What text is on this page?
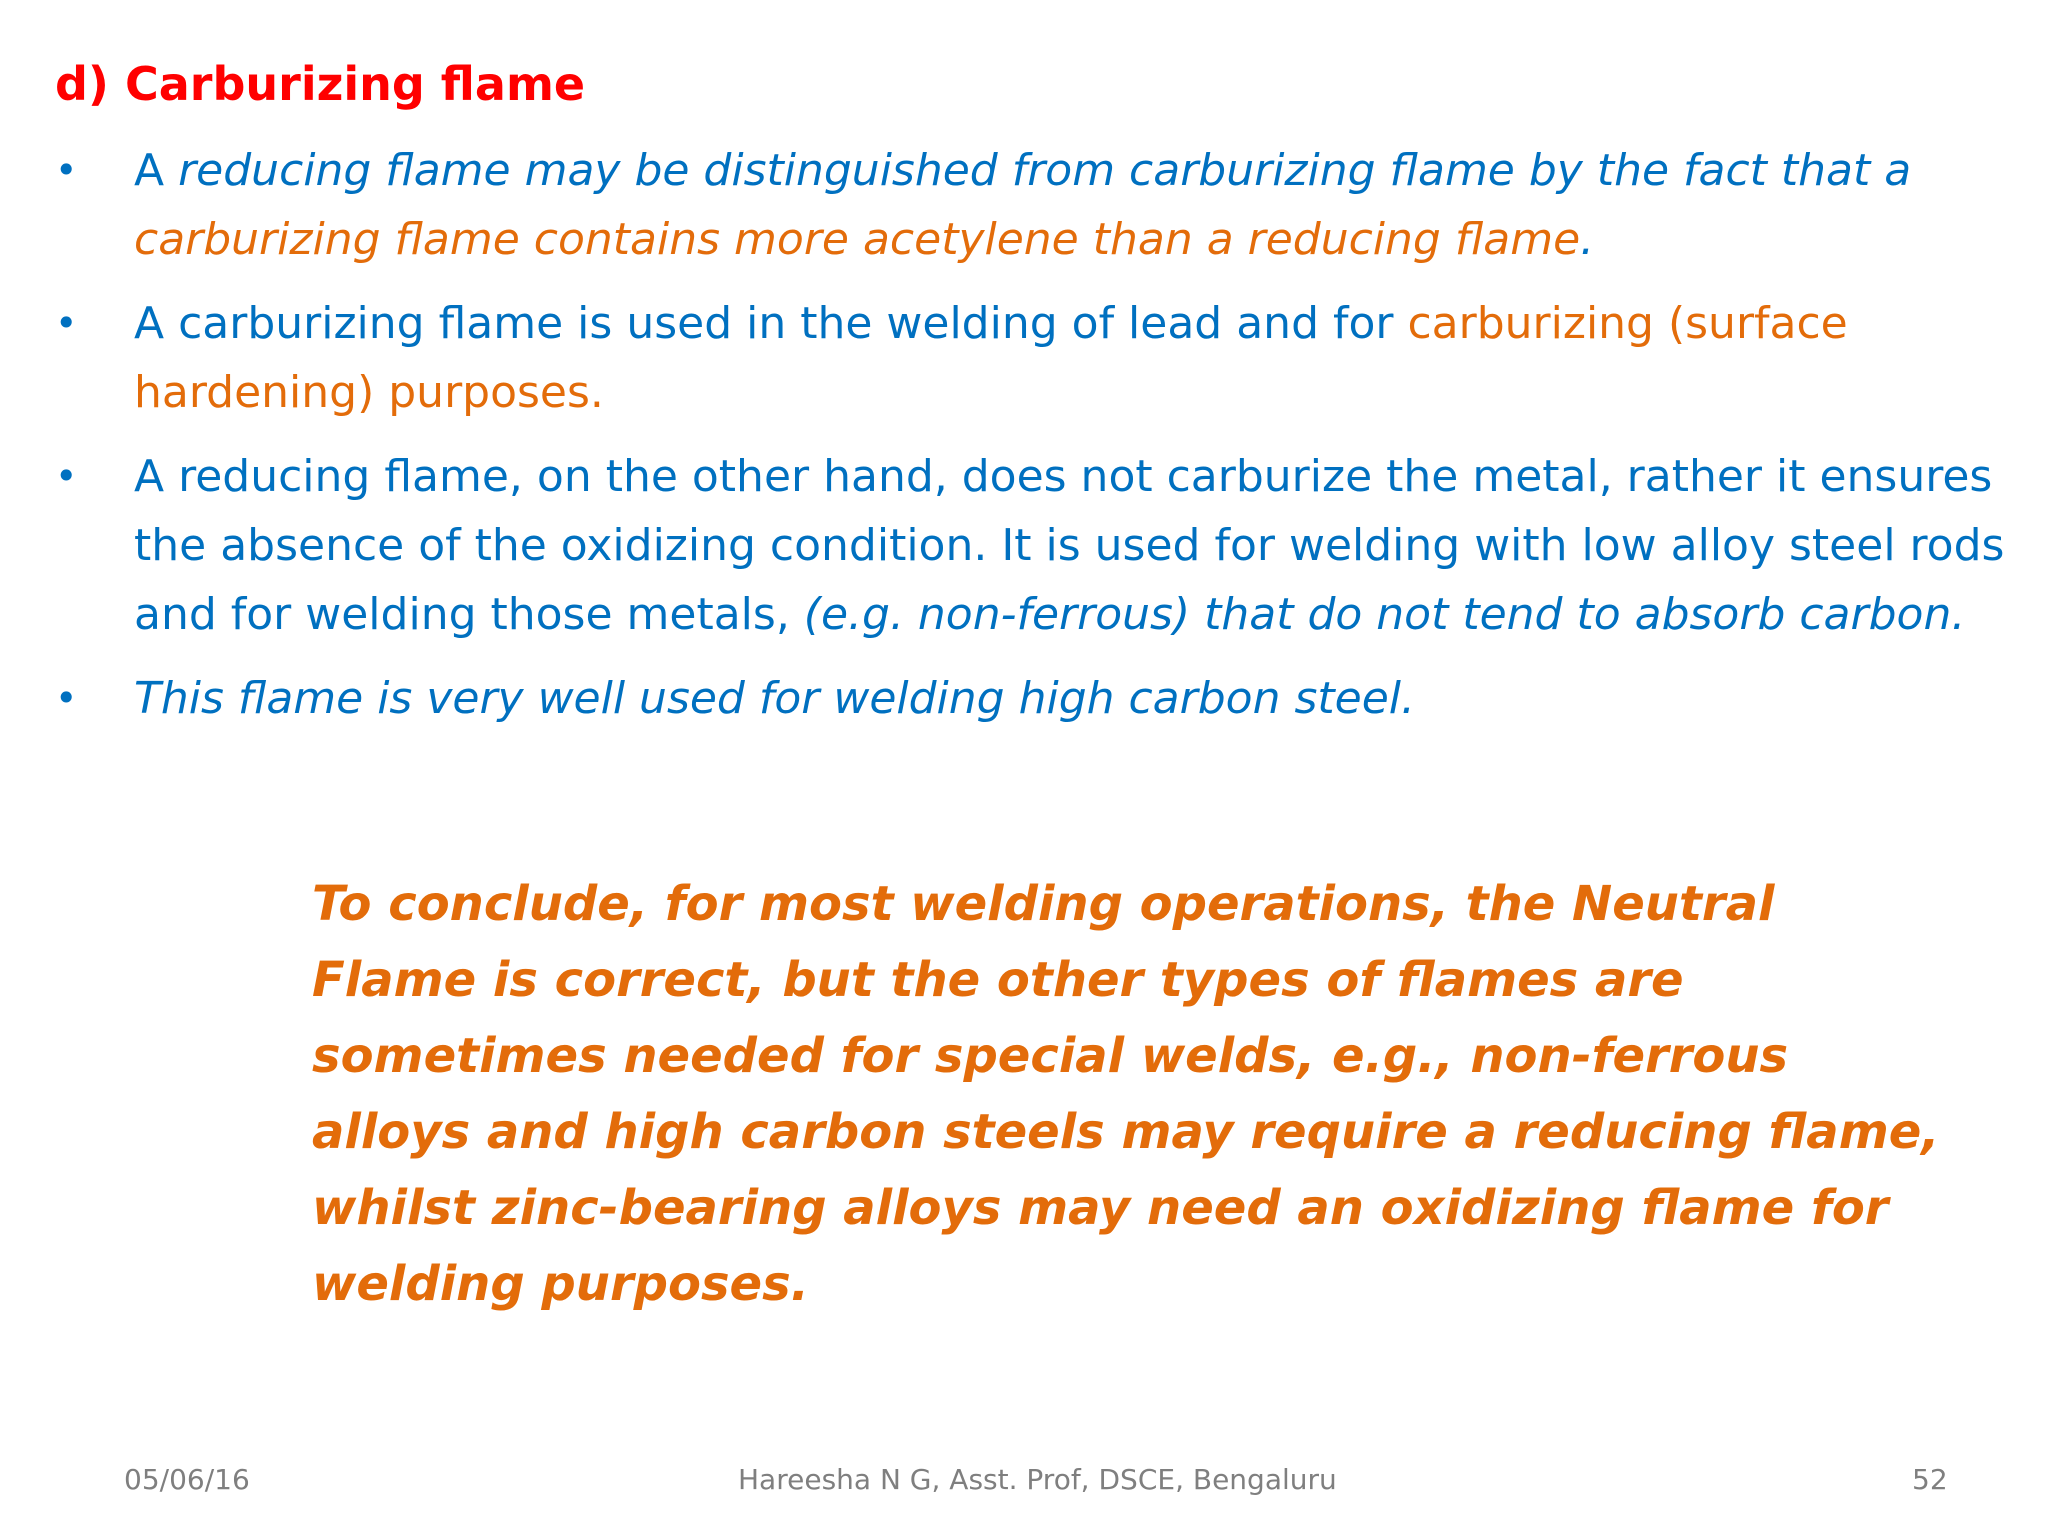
d) Carburizing flame
• A reducing flame may be distinguished from carburizing flame by the fact that a carburizing flame contains more acetylene than a reducing flame.
• A carburizing flame is used in the welding of lead and for carburizing (surface hardening) purposes.
• A reducing flame, on the other hand, does not carburize the metal, rather it ensures the absence of the oxidizing condition. It is used for welding with low alloy steel rods and for welding those metals, (e.g. non-ferrous) that do not tend to absorb carbon.
• This flame is very well used for welding high carbon steel.
To conclude, for most welding operations, the Neutral Flame is correct, but the other types of flames are sometimes needed for special welds, e.g., non-ferrous alloys and high carbon steels may require a reducing flame, whilst zinc-bearing alloys may need an oxidizing flame for welding purposes.
05/06/16	Hareesha N G, Asst. Prof, DSCE, Bengaluru	52
